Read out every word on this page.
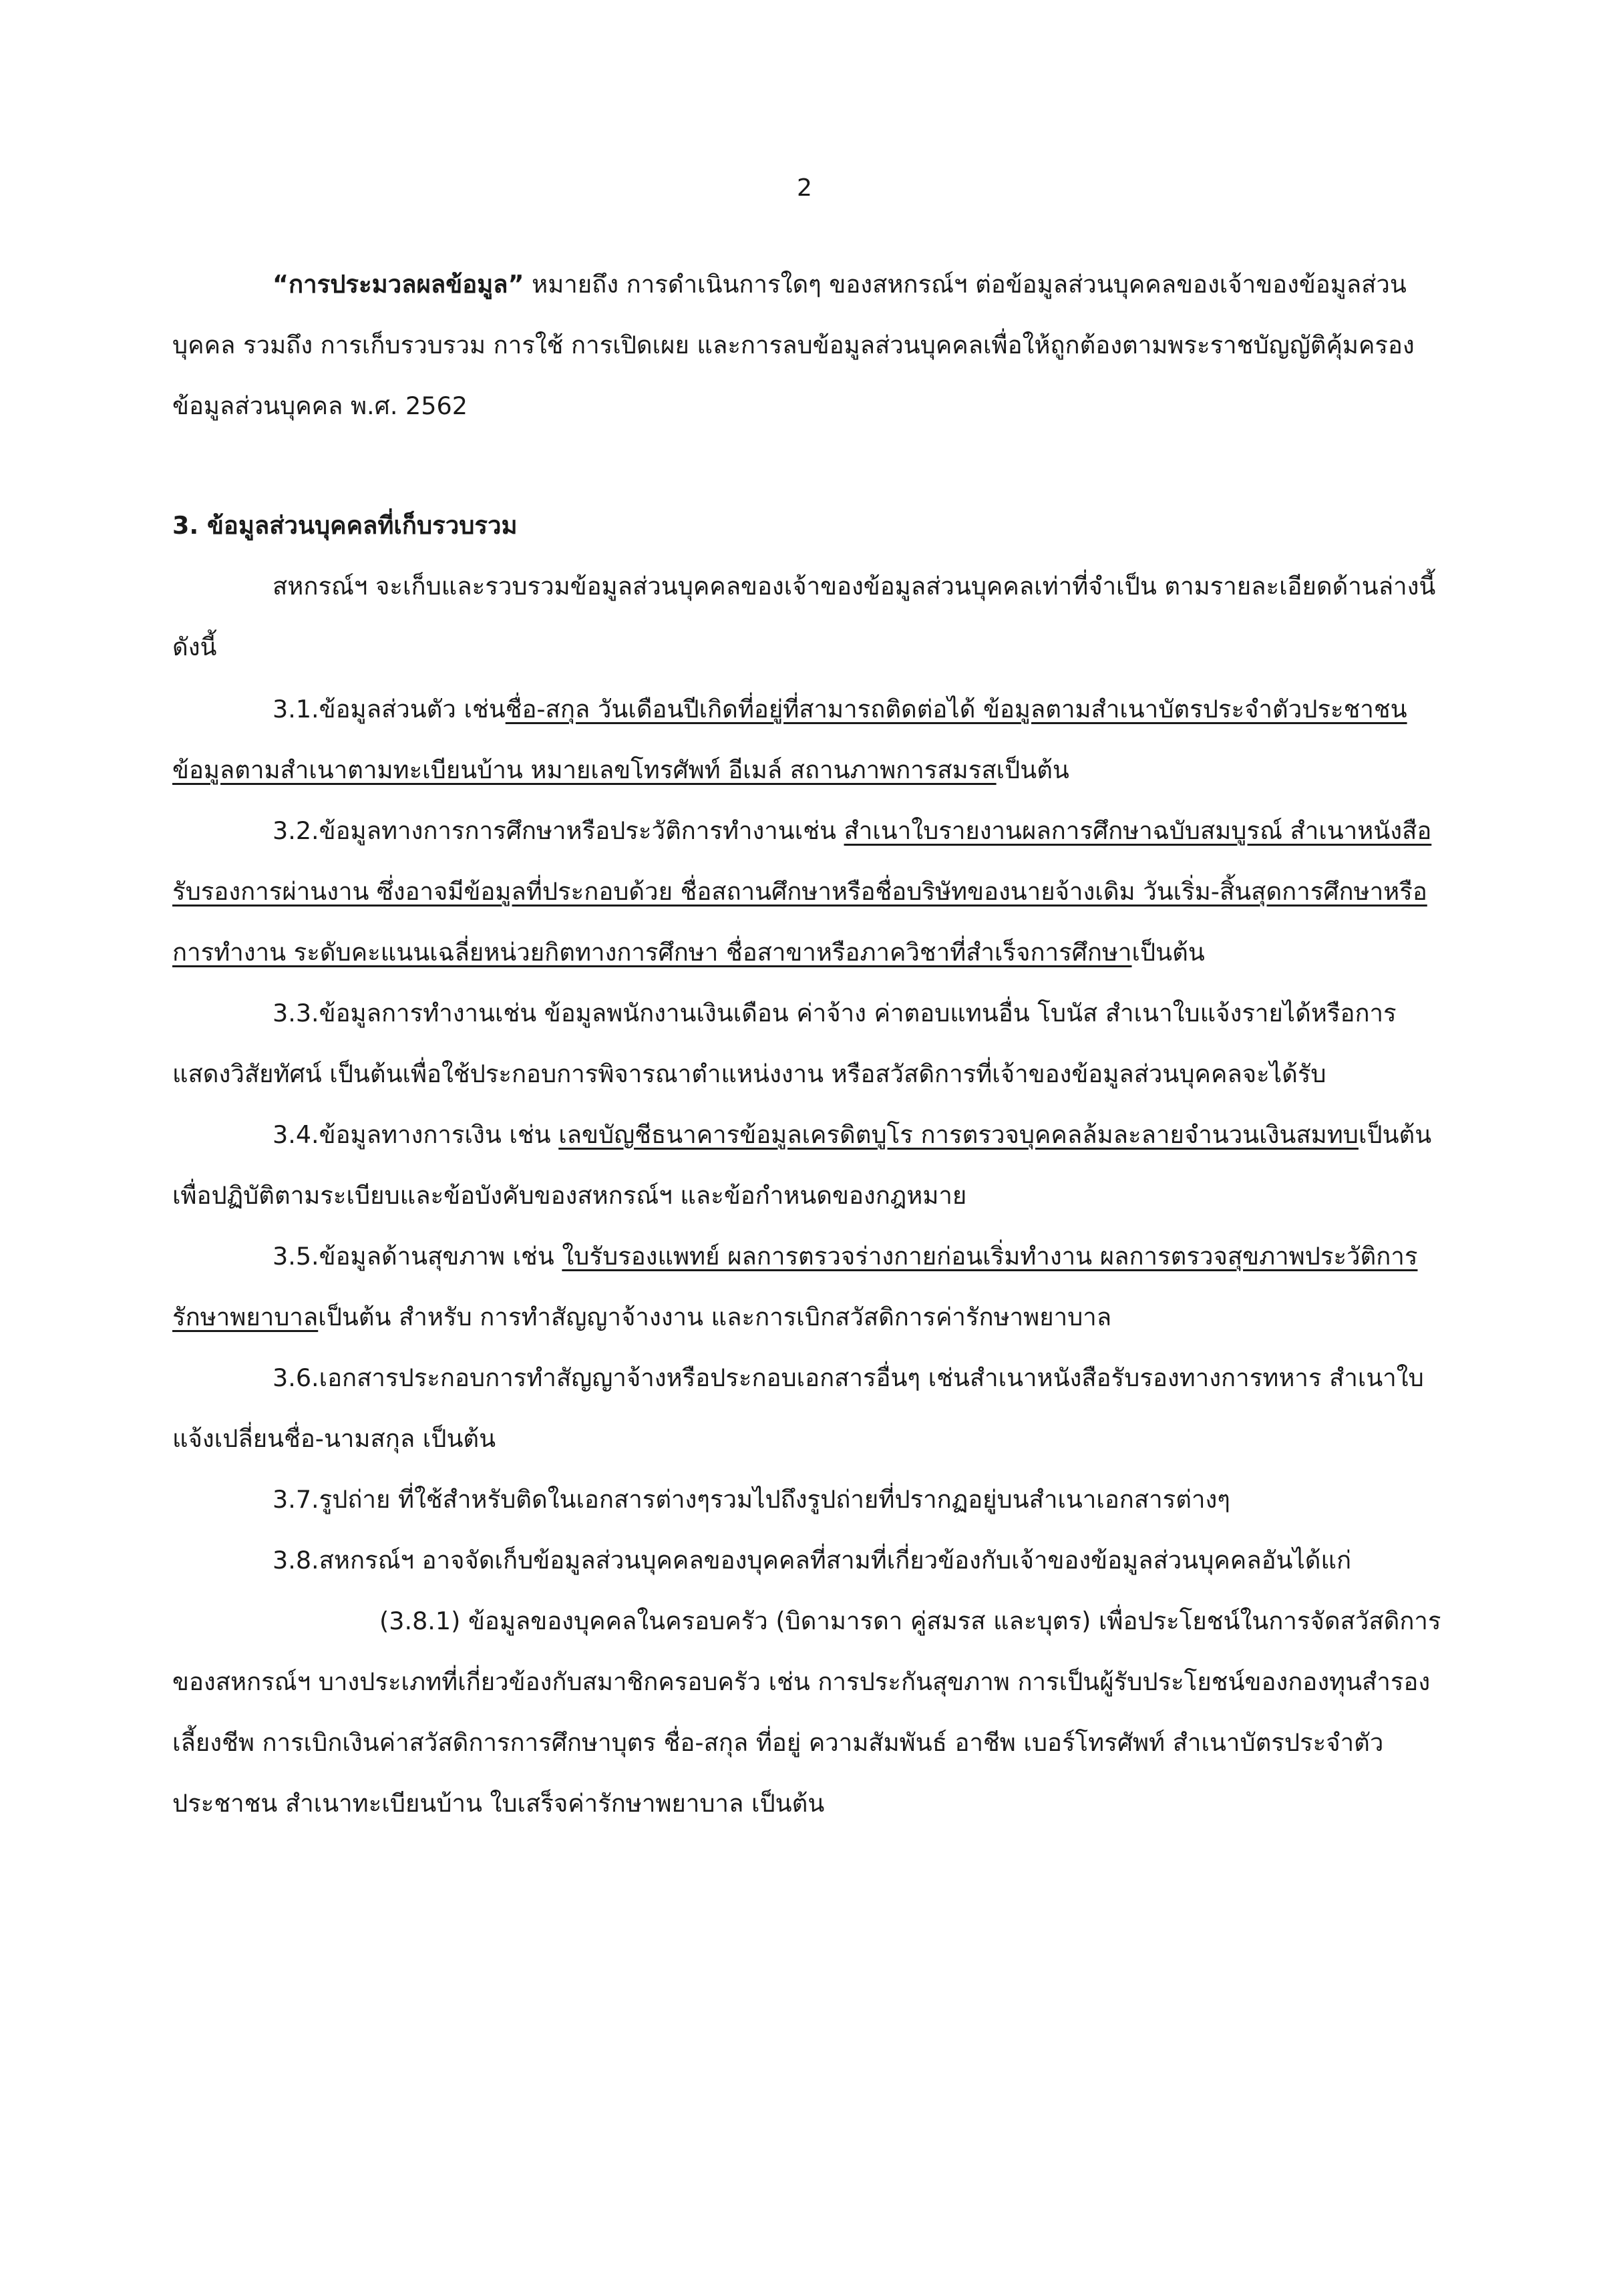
2

“การประมวลผลข้อมูล” หมายถึง การดำเนินการใดๆ ของสหกรณ์ฯ ต่อข้อมูลส่วนบุคคลของเจ้าของข้อมูลส่วนบุคคล รวมถึง การเก็บรวบรวม การใช้ การเปิดเผย และการลบข้อมูลส่วนบุคคลเพื่อให้ถูกต้องตามพระราชบัญญัติคุ้มครองข้อมูลส่วนบุคคล พ.ศ. 2562

3. ข้อมูลส่วนบุคคลที่เก็บรวบรวม

สหกรณ์ฯ จะเก็บและรวบรวมข้อมูลส่วนบุคคลของเจ้าของข้อมูลส่วนบุคคลเท่าที่จำเป็น ตามรายละเอียดด้านล่างนี้ ดังนี้

3.1.ข้อมูลส่วนตัว เช่นชื่อ-สกุล วันเดือนปีเกิดที่อยู่ที่สามารถติดต่อได้ ข้อมูลตามสำเนาบัตรประจำตัวประชาชน ข้อมูลตามสำเนาตามทะเบียนบ้าน หมายเลขโทรศัพท์ อีเมล์ สถานภาพการสมรสเป็นต้น

3.2.ข้อมูลทางการการศึกษาหรือประวัติการทำงานเช่น สำเนาใบรายงานผลการศึกษาฉบับสมบูรณ์ สำเนาหนังสือรับรองการผ่านงาน ซึ่งอาจมีข้อมูลที่ประกอบด้วย ชื่อสถานศึกษาหรือชื่อบริษัทของนายจ้างเดิม วันเริ่ม-สิ้นสุดการศึกษาหรือการทำงาน ระดับคะแนนเฉลี่ยหน่วยกิตทางการศึกษา ชื่อสาขาหรือภาควิชาที่สำเร็จการศึกษาเป็นต้น

3.3.ข้อมูลการทำงานเช่น ข้อมูลพนักงานเงินเดือน ค่าจ้าง ค่าตอบแทนอื่น โบนัส สำเนาใบแจ้งรายได้หรือการแสดงวิสัยทัศน์ เป็นต้นเพื่อใช้ประกอบการพิจารณาตำแหน่งงาน หรือสวัสดิการที่เจ้าของข้อมูลส่วนบุคคลจะได้รับ

3.4.ข้อมูลทางการเงิน เช่น เลขบัญชีธนาคารข้อมูลเครดิตบูโร การตรวจบุคคลล้มละลายจำนวนเงินสมทบเป็นต้น เพื่อปฏิบัติตามระเบียบและข้อบังคับของสหกรณ์ฯ และข้อกำหนดของกฎหมาย

3.5.ข้อมูลด้านสุขภาพ เช่น ใบรับรองแพทย์ ผลการตรวจร่างกายก่อนเริ่มทำงาน ผลการตรวจสุขภาพประวัติการรักษาพยาบาลเป็นต้น สำหรับ การทำสัญญาจ้างงาน และการเบิกสวัสดิการค่ารักษาพยาบาล

3.6.เอกสารประกอบการทำสัญญาจ้างหรือประกอบเอกสารอื่นๆ เช่นสำเนาหนังสือรับรองทางการทหาร สำเนาใบแจ้งเปลี่ยนชื่อ-นามสกุล เป็นต้น

3.7.รูปถ่าย ที่ใช้สำหรับติดในเอกสารต่างๆรวมไปถึงรูปถ่ายที่ปรากฏอยู่บนสำเนาเอกสารต่างๆ

3.8.สหกรณ์ฯ อาจจัดเก็บข้อมูลส่วนบุคคลของบุคคลที่สามที่เกี่ยวข้องกับเจ้าของข้อมูลส่วนบุคคลอันได้แก่

(3.8.1) ข้อมูลของบุคคลในครอบครัว (บิดามารดา คู่สมรส และบุตร) เพื่อประโยชน์ในการจัดสวัสดิการของสหกรณ์ฯ บางประเภทที่เกี่ยวข้องกับสมาชิกครอบครัว เช่น การประกันสุขภาพ การเป็นผู้รับประโยชน์ของกองทุนสำรองเลี้ยงชีพ การเบิกเงินค่าสวัสดิการการศึกษาบุตร ชื่อ-สกุล ที่อยู่ ความสัมพันธ์ อาชีพ เบอร์โทรศัพท์ สำเนาบัตรประจำตัวประชาชน สำเนาทะเบียนบ้าน ใบเสร็จค่ารักษาพยาบาล เป็นต้น
